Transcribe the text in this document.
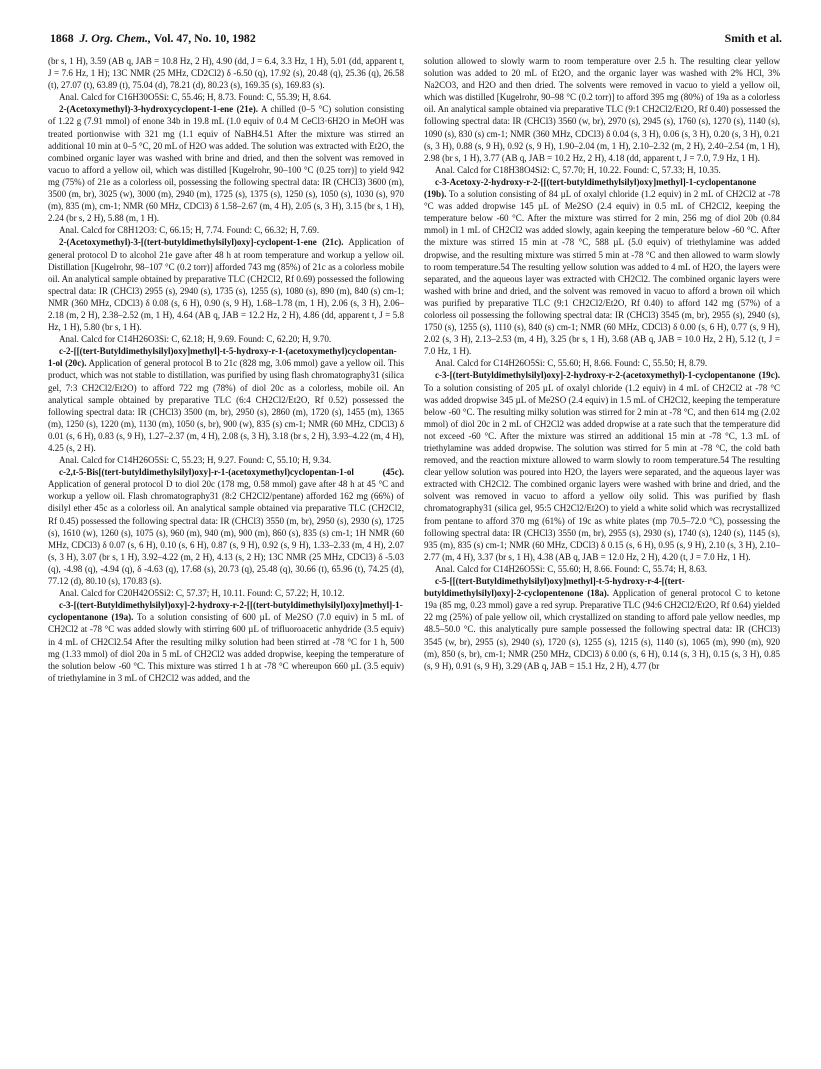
1868 J. Org. Chem., Vol. 47, No. 10, 1982	Smith et al.

(br s, 1 H), 3.59 (AB q, JAB = 10.8 Hz, 2 H), 4.90 (dd, J = 6.4, 3.3 Hz, 1 H), 5.01 (dd, apparent t, J = 7.6 Hz, 1 H); 13C NMR (25 MHz, CD2Cl2) δ -6.50 (q), 17.92 (s), 20.48 (q), 25.36 (q), 26.58 (t), 27.07 (t), 63.89 (t), 75.04 (d), 78.21 (d), 80.23 (s), 169.35 (s), 169.83 (s).

Anal. Calcd for C16H30O5Si: C, 55.46; H, 8.73. Found: C, 55.39; H, 8.64.

2-(Acetoxymethyl)-3-hydroxycyclopent-1-ene (21e). A chilled (0–5 °C) solution consisting of 1.22 g (7.91 mmol) of enone 34b in 19.8 mL (1.0 equiv of 0.4 M CeCl3·6H2O in MeOH was treated portionwise with 321 mg (1.1 equiv of NaBH4.51 After the mixture was stirred an additional 10 min at 0–5 °C, 20 mL of H2O was added. The solution was extracted with Et2O, the combined organic layer was washed with brine and dried, and then the solvent was removed in vacuo to afford a yellow oil, which was distilled [Kugelrohr, 90–100 °C (0.25 torr)] to yield 942 mg (75%) of 21e as a colorless oil, possessing the following spectral data: IR (CHCl3) 3600 (m), 3500 (m, br), 3025 (w), 3000 (m), 2940 (m), 1725 (s), 1375 (s), 1250 (s), 1050 (s), 1030 (s), 970 (m), 835 (m), cm-1; NMR (60 MHz, CDCl3) δ 1.58–2.67 (m, 4 H), 2.05 (s, 3 H), 3.15 (br s, 1 H), 2.24 (br s, 2 H), 5.88 (m, 1 H).

Anal. Calcd for C8H12O3: C, 66.15; H, 7.74. Found: C, 66.32; H, 7.69.

2-(Acetoxymethyl)-3-[(tert-butyldimethylsilyl)oxy]-cyclopent-1-ene (21c). Application of general protocol D to alcohol 21e gave after 48 h at room temperature and workup a yellow oil. Distillation [Kugelrohr, 98–107 °C (0.2 torr)] afforded 743 mg (85%) of 21c as a colorless mobile oil. An analytical sample obtained by preparative TLC (CH2Cl2, Rf 0.69) possessed the following spectral data: IR (CHCl3) 2955 (s), 2940 (s), 1735 (s), 1255 (s), 1080 (s), 890 (m), 840 (s) cm-1; NMR (360 MHz, CDCl3) δ 0.08 (s, 6 H), 0.90 (s, 9 H), 1.68–1.78 (m, 1 H), 2.06 (s, 3 H), 2.06–2.18 (m, 2 H), 2.38–2.52 (m, 1 H), 4.64 (AB q, JAB = 12.2 Hz, 2 H), 4.86 (dd, apparent t, J = 5.8 Hz, 1 H), 5.80 (br s, 1 H).

Anal. Calcd for C14H26O3Si: C, 62.18; H, 9.69. Found: C, 62.20; H, 9.70.

c-2-[[(tert-Butyldimethylsilyl)oxy]methyl]-t-5-hydroxy-r-1-(acetoxymethyl)cyclopentan-1-ol (20c). Application of general protocol B to 21c (828 mg, 3.06 mmol) gave a yellow oil. This product, which was not stable to distillation, was purified by using flash chromatography31 (silica gel, 7:3 CH2Cl2/Et2O) to afford 722 mg (78%) of diol 20c as a colorless, mobile oil. An analytical sample obtained by preparative TLC (6:4 CH2Cl2/Et2O, Rf 0.52) possessed the following spectral data: IR (CHCl3) 3500 (m, br), 2950 (s), 2860 (m), 1720 (s), 1455 (m), 1365 (m), 1250 (s), 1220 (m), 1130 (m), 1050 (s, br), 900 (w), 835 (s) cm-1; NMR (60 MHz, CDCl3) δ 0.01 (s, 6 H), 0.83 (s, 9 H), 1.27–2.37 (m, 4 H), 2.08 (s, 3 H), 3.18 (br s, 2 H), 3.93–4.22 (m, 4 H), 4.25 (s, 2 H).

Anal. Calcd for C14H26O5Si: C, 55.23; H, 9.27. Found: C, 55.10; H, 9.34.

c-2,t-5-Bis[(tert-butyldimethylsilyl)oxy]-r-1-(acetoxymethyl)cyclopentan-1-ol (45c). Application of general protocol D to diol 20c (178 mg, 0.58 mmol) gave after 48 h at 45 °C and workup a yellow oil. Flash chromatography31 (8:2 CH2Cl2/pentane) afforded 162 mg (66%) of disilyl ether 45c as a colorless oil. An analytical sample obtained via preparative TLC (CH2Cl2, Rf 0.45) possessed the following spectral data: IR (CHCl3) 3550 (m, br), 2950 (s), 2930 (s), 1725 (s), 1610 (w), 1260 (s), 1075 (s), 960 (m), 940 (m), 900 (m), 860 (s), 835 (s) cm-1; 1H NMR (60 MHz, CDCl3) δ 0.07 (s, 6 H), 0.10 (s, 6 H), 0.87 (s, 9 H), 0.92 (s, 9 H), 1.33–2.33 (m, 4 H), 2.07 (s, 3 H), 3.07 (br s, 1 H), 3.92–4.22 (m, 2 H), 4.13 (s, 2 H); 13C NMR (25 MHz, CDCl3) δ -5.03 (q), -4.98 (q), -4.94 (q), δ -4.63 (q), 17.68 (s), 20.73 (q), 25.48 (q), 30.66 (t), 65.96 (t), 74.25 (d), 77.12 (d), 80.10 (s), 170.83 (s).

Anal. Calcd for C20H42O5Si2: C, 57.37; H, 10.11. Found: C, 57.22; H, 10.12.

c-3-[(tert-Butyldimethylsilyl)oxy]-2-hydroxy-r-2-[[(tert-butyldimethylsilyl)oxy]methyl]-1-cyclopentanone (19a). To a solution consisting of 600 µL of Me2SO (7.0 equiv) in 5 mL of CH2Cl2 at -78 °C was added slowly with stirring 600 µL of trifluoroacetic anhydride (3.5 equiv) in 4 mL of CH2Cl2.54 After the resulting milky solution had been stirred at -78 °C for 1 h, 500 mg (1.33 mmol) of diol 20a in 5 mL of CH2Cl2 was added dropwise, keeping the temperature of the solution below -60 °C. This mixture was stirred 1 h at -78 °C whereupon 660 µL (3.5 equiv) of triethylamine in 3 mL of CH2Cl2 was added, and the

solution allowed to slowly warm to room temperature over 2.5 h. The resulting clear yellow solution was added to 20 mL of Et2O, and the organic layer was washed with 2% HCl, 3% Na2CO3, and H2O and then dried. The solvents were removed in vacuo to yield a yellow oil, which was distilled [Kugelrohr, 90–98 °C (0.2 torr)] to afford 395 mg (80%) of 19a as a colorless oil. An analytical sample obtained via preparative TLC (9:1 CH2Cl2/Et2O, Rf 0.40) possessed the following spectral data: IR (CHCl3) 3560 (w, br), 2970 (s), 2945 (s), 1760 (s), 1270 (s), 1140 (s), 1090 (s), 830 (s) cm-1; NMR (360 MHz, CDCl3) δ 0.04 (s, 3 H), 0.06 (s, 3 H), 0.20 (s, 3 H), 0.21 (s, 3 H), 0.88 (s, 9 H), 0.92 (s, 9 H), 1.90–2.04 (m, 1 H), 2.10–2.32 (m, 2 H), 2.40–2.54 (m, 1 H), 2.98 (br s, 1 H), 3.77 (AB q, JAB = 10.2 Hz, 2 H), 4.18 (dd, apparent t, J = 7.0, 7.9 Hz, 1 H).

Anal. Calcd for C18H38O4Si2: C, 57.70; H, 10.22. Found: C, 57.33; H, 10.35.

c-3-Acetoxy-2-hydroxy-r-2-[[(tert-butyldimethylsilyl)oxy]methyl]-1-cyclopentanone (19b). To a solution consisting of 84 µL of oxalyl chloride (1.2 equiv) in 2 mL of CH2Cl2 at -78 °C was added dropwise 145 µL of Me2SO (2.4 equiv) in 0.5 mL of CH2Cl2, keeping the temperature below -60 °C. After the mixture was stirred for 2 min, 256 mg of diol 20b (0.84 mmol) in 1 mL of CH2Cl2 was added slowly, again keeping the temperature below -60 °C. After the mixture was stirred 15 min at -78 °C, 588 µL (5.0 equiv) of triethylamine was added dropwise, and the resulting mixture was stirred 5 min at -78 °C and then allowed to warm slowly to room temperature.54 The resulting yellow solution was added to 4 mL of H2O, the layers were separated, and the aqueous layer was extracted with CH2Cl2. The combined organic layers were washed with brine and dried, and the solvent was removed in vacuo to afford a brown oil which was purified by preparative TLC (9:1 CH2Cl2/Et2O, Rf 0.40) to afford 142 mg (57%) of a colorless oil possessing the following spectral data: IR (CHCl3) 3545 (m, br), 2955 (s), 2940 (s), 1750 (s), 1255 (s), 1110 (s), 840 (s) cm-1; NMR (60 MHz, CDCl3) δ 0.00 (s, 6 H), 0.77 (s, 9 H), 2.02 (s, 3 H), 2.13–2.53 (m, 4 H), 3.25 (br s, 1 H), 3.68 (AB q, JAB = 10.0 Hz, 2 H), 5.12 (t, J = 7.0 Hz, 1 H).

Anal. Calcd for C14H26O5Si: C, 55.60; H, 8.66. Found: C, 55.50; H, 8.79.

c-3-[(tert-Butyldimethylsilyl)oxy]-2-hydroxy-r-2-(acetoxymethyl)-1-cyclopentanone (19c). To a solution consisting of 205 µL of oxalyl chloride (1.2 equiv) in 4 mL of CH2Cl2 at -78 °C was added dropwise 345 µL of Me2SO (2.4 equiv) in 1.5 mL of CH2Cl2, keeping the temperature below -60 °C. The resulting milky solution was stirred for 2 min at -78 °C, and then 614 mg (2.02 mmol) of diol 20c in 2 mL of CH2Cl2 was added dropwise at a rate such that the temperature did not exceed -60 °C. After the mixture was stirred an additional 15 min at -78 °C, 1.3 mL of triethylamine was added dropwise. The solution was stirred for 5 min at -78 °C, the cold bath removed, and the reaction mixture allowed to warm slowly to room temperature.54 The resulting clear yellow solution was poured into H2O, the layers were separated, and the aqueous layer was extracted with CH2Cl2. The combined organic layers were washed with brine and dried, and the solvent was removed in vacuo to afford a yellow oily solid. This was purified by flash chromatography31 (silica gel, 95:5 CH2Cl2/Et2O) to yield a white solid which was recrystallized from pentane to afford 370 mg (61%) of 19c as white plates (mp 70.5–72.0 °C), possessing the following spectral data: IR (CHCl3) 3550 (m, br), 2955 (s), 2930 (s), 1740 (s), 1240 (s), 1145 (s), 935 (m), 835 (s) cm-1; NMR (60 MHz, CDCl3) δ 0.15 (s, 6 H), 0.95 (s, 9 H), 2.10 (s, 3 H), 2.10–2.77 (m, 4 H), 3.37 (br s, 1 H), 4.38 (AB q, JAB = 12.0 Hz, 2 H), 4.20 (t, J = 7.0 Hz, 1 H).

Anal. Calcd for C14H26O5Si: C, 55.60; H, 8.66. Found: C, 55.74; H, 8.63.

c-5-[[(tert-Butyldimethylsilyl)oxy]methyl]-t-5-hydroxy-r-4-[(tert-butyldimethylsilyl)oxy]-2-cyclopentenone (18a). Application of general protocol C to ketone 19a (85 mg, 0.23 mmol) gave a red syrup. Preparative TLC (94:6 CH2Cl2/Et2O, Rf 0.64) yielded 22 mg (25%) of pale yellow oil, which crystallized on standing to afford pale yellow needles, mp 48.5–50.0 °C. this analytically pure sample possessed the following spectral data: IR (CHCl3) 3545 (w, br), 2955 (s), 2940 (s), 1720 (s), 1255 (s), 1215 (s), 1140 (s), 1065 (m), 990 (m), 920 (m), 850 (s, br), cm-1; NMR (250 MHz, CDCl3) δ 0.00 (s, 6 H), 0.14 (s, 3 H), 0.15 (s, 3 H), 0.85 (s, 9 H), 0.91 (s, 9 H), 3.29 (AB q, JAB = 15.1 Hz, 2 H), 4.77 (br
